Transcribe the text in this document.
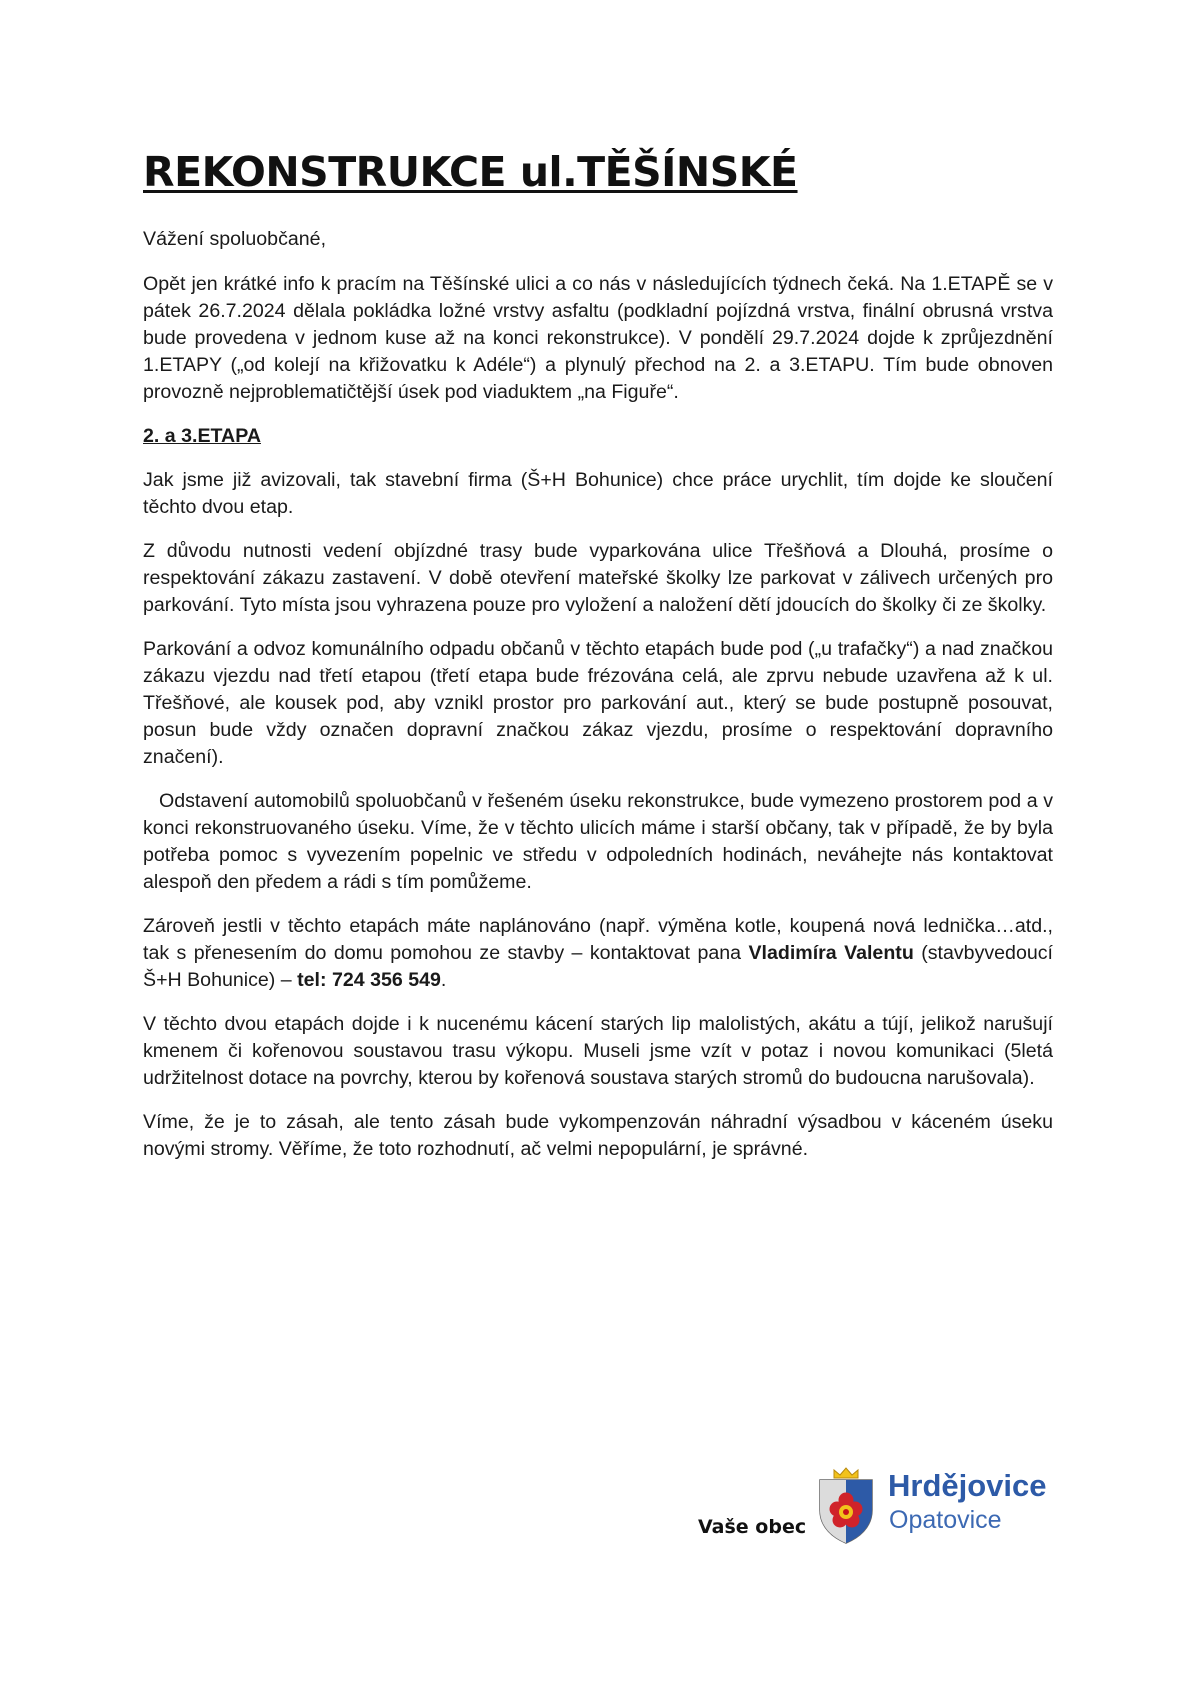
REKONSTRUKCE ul.TĚŠÍNSKÉ

Vážení spoluobčané,

Opět jen krátké info k pracím na Těšínské ulici a co nás v následujících týdnech čeká. Na 1.ETAPĚ se v pátek 26.7.2024 dělala pokládka ložné vrstvy asfaltu (podkladní pojízdná vrstva, finální obrusná vrstva bude provedena v jednom kuse až na konci rekonstrukce). V pondělí 29.7.2024 dojde k zprůjezdnění 1.ETAPY („od kolejí na křižovatku k Adéle“) a plynulý přechod na 2. a 3.ETAPU. Tím bude obnoven provozně nejproblematičtější úsek pod viaduktem „na Figuře“.

2. a 3.ETAPA

Jak jsme již avizovali, tak stavební firma (Š+H Bohunice) chce práce urychlit, tím dojde ke sloučení těchto dvou etap.

Z důvodu nutnosti vedení objízdné trasy bude vyparkována ulice Třešňová a Dlouhá, prosíme o respektování zákazu zastavení. V době otevření mateřské školky lze parkovat v zálivech určených pro parkování. Tyto místa jsou vyhrazena pouze pro vyložení a naložení dětí jdoucích do školky či ze školky.

Parkování a odvoz komunálního odpadu občanů v těchto etapách bude pod („u trafačky“) a nad značkou zákazu vjezdu nad třetí etapou (třetí etapa bude frézována celá, ale zprvu nebude uzavřena až k ul. Třešňové, ale kousek pod, aby vznikl prostor pro parkování aut., který se bude postupně posouvat, posun bude vždy označen dopravní značkou zákaz vjezdu, prosíme o respektování dopravního značení).

Odstavení automobilů spoluobčanů v řešeném úseku rekonstrukce, bude vymezeno prostorem pod a v konci rekonstruovaného úseku. Víme, že v těchto ulicích máme i starší občany, tak v případě, že by byla potřeba pomoc s vyvezením popelnic ve středu v odpoledních hodinách, neváhejte nás kontaktovat alespoň den předem a rádi s tím pomůžeme.

Zároveň jestli v těchto etapách máte naplánováno (např. výměna kotle, koupená nová lednička…atd., tak s přenesením do domu pomohou ze stavby – kontaktovat pana Vladimíra Valentu (stavbyvedoucí Š+H Bohunice) – tel: 724 356 549.

V těchto dvou etapách dojde i k nucenému kácení starých lip malolistých, akátu a tújí, jelikož narušují kmenem či kořenovou soustavou trasu výkopu. Museli jsme vzít v potaz i novou komunikaci (5letá udržitelnost dotace na povrchy, kterou by kořenová soustava starých stromů do budoucna narušovala).

Víme, že je to zásah, ale tento zásah bude vykompenzován náhradní výsadbou v káceném úseku novými stromy. Věříme, že toto rozhodnutí, ač velmi nepopulární, je správné.

Vaše obec
Hrdějovice
Opatovice
